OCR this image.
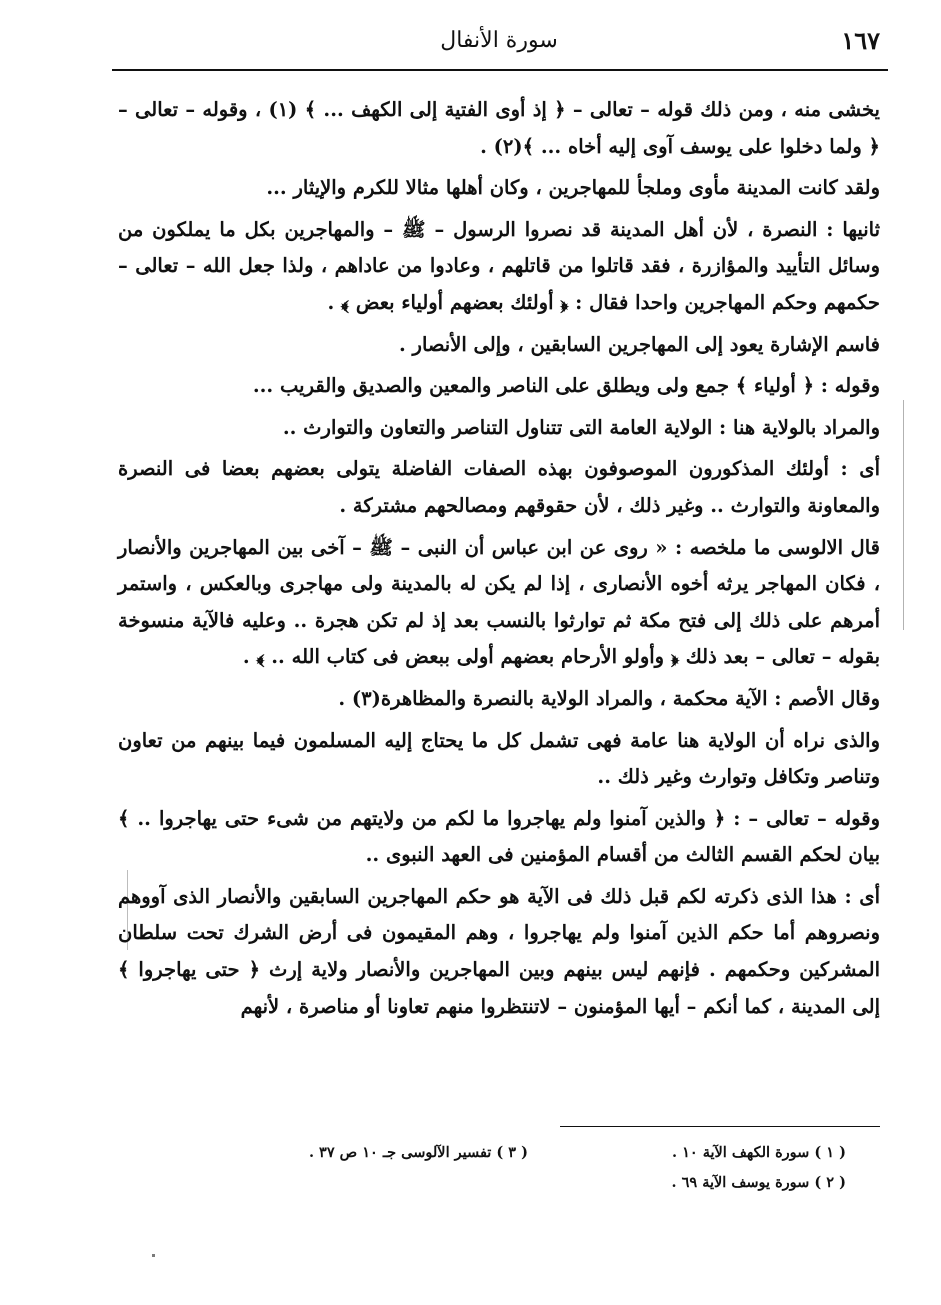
١٦٧
سورة الأنفال

يخشى منه ، ومن ذلك قوله – تعالى – ﴿ إذ أوى الفتية إلى الكهف ... ﴾ (١) ، وقوله – تعالى – ﴿ ولما دخلوا على يوسف آوى إليه أخاه ... ﴾(٢) .

ولقد كانت المدينة مأوى وملجأ للمهاجرين ، وكان أهلها مثالا للكرم والإيثار ...

ثانيها : النصرة ، لأن أهل المدينة قد نصروا الرسول – ﷺ – والمهاجرين بكل ما يملكون من وسائل التأييد والمؤازرة ، فقد قاتلوا من قاتلهم ، وعادوا من عاداهم ، ولذا جعل الله – تعالى – حكمهم وحكم المهاجرين واحدا فقال : ﴿ أولئك بعضهم أولياء بعض ﴾ .

فاسم الإشارة يعود إلى المهاجرين السابقين ، وإلى الأنصار .

وقوله : ﴿ أولياء ﴾ جمع ولى ويطلق على الناصر والمعين والصديق والقريب ...

والمراد بالولاية هنا : الولاية العامة التى تتناول التناصر والتعاون والتوارث ..

أى : أولئك المذكورون الموصوفون بهذه الصفات الفاضلة يتولى بعضهم بعضا فى النصرة والمعاونة والتوارث .. وغير ذلك ، لأن حقوقهم ومصالحهم مشتركة .

قال الالوسى ما ملخصه : « روى عن ابن عباس أن النبى – ﷺ – آخى بين المهاجرين والأنصار ، فكان المهاجر يرثه أخوه الأنصارى ، إذا لم يكن له بالمدينة ولى مهاجرى وبالعكس ، واستمر أمرهم على ذلك إلى فتح مكة ثم توارثوا بالنسب بعد إذ لم تكن هجرة .. وعليه فالآية منسوخة بقوله – تعالى – بعد ذلك ﴿ وأولو الأرحام بعضهم أولى ببعض فى كتاب الله .. ﴾ .

وقال الأصم : الآية محكمة ، والمراد الولاية بالنصرة والمظاهرة(٣) .

والذى نراه أن الولاية هنا عامة فهى تشمل كل ما يحتاج إليه المسلمون فيما بينهم من تعاون وتناصر وتكافل وتوارث وغير ذلك ..

وقوله – تعالى – : ﴿ والذين آمنوا ولم يهاجروا ما لكم من ولايتهم من شىء حتى يهاجروا .. ﴾ بيان لحكم القسم الثالث من أقسام المؤمنين فى العهد النبوى ..

أى : هذا الذى ذكرته لكم قبل ذلك فى الآية هو حكم المهاجرين السابقين والأنصار الذى آووهم ونصروهم أما حكم الذين آمنوا ولم يهاجروا ، وهم المقيمون فى أرض الشرك تحت سلطان المشركين وحكمهم . فإنهم ليس بينهم وبين المهاجرين والأنصار ولاية إرث ﴿ حتى يهاجروا ﴾ إلى المدينة ، كما أنكم – أيها المؤمنون – لاتنتظروا منهم تعاونا أو مناصرة ، لأنهم

( ١ ) سورة الكهف الآية ١٠ .
( ٢ ) سورة يوسف الآية ٦٩ .
( ٣ ) تفسير الآلوسى جـ ١٠ ص ٣٧ .
